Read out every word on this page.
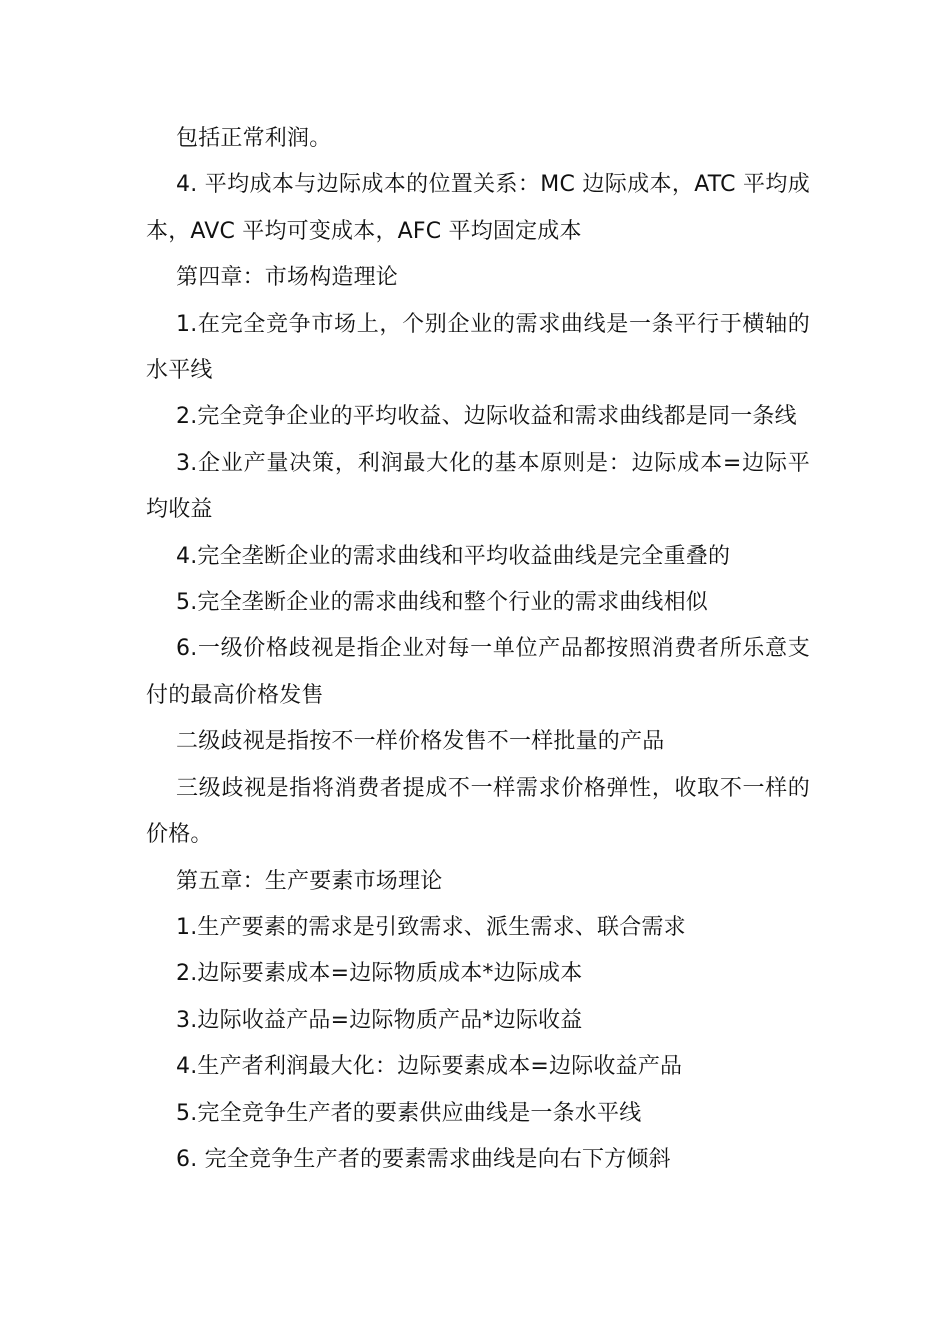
包括正常利润。

4. 平均成本与边际成本的位置关系：MC 边际成本，ATC 平均成本，AVC 平均可变成本，AFC 平均固定成本

第四章：市场构造理论

1.在完全竞争市场上，个别企业的需求曲线是一条平行于横轴的水平线

2.完全竞争企业的平均收益、边际收益和需求曲线都是同一条线

3.企业产量决策，利润最大化的基本原则是：边际成本=边际平均收益

4.完全垄断企业的需求曲线和平均收益曲线是完全重叠的

5.完全垄断企业的需求曲线和整个行业的需求曲线相似

6.一级价格歧视是指企业对每一单位产品都按照消费者所乐意支付的最高价格发售

二级歧视是指按不一样价格发售不一样批量的产品

三级歧视是指将消费者提成不一样需求价格弹性，收取不一样的价格。

第五章：生产要素市场理论

1.生产要素的需求是引致需求、派生需求、联合需求

2.边际要素成本=边际物质成本*边际成本

3.边际收益产品=边际物质产品*边际收益

4.生产者利润最大化：边际要素成本=边际收益产品

5.完全竞争生产者的要素供应曲线是一条水平线

6. 完全竞争生产者的要素需求曲线是向右下方倾斜
